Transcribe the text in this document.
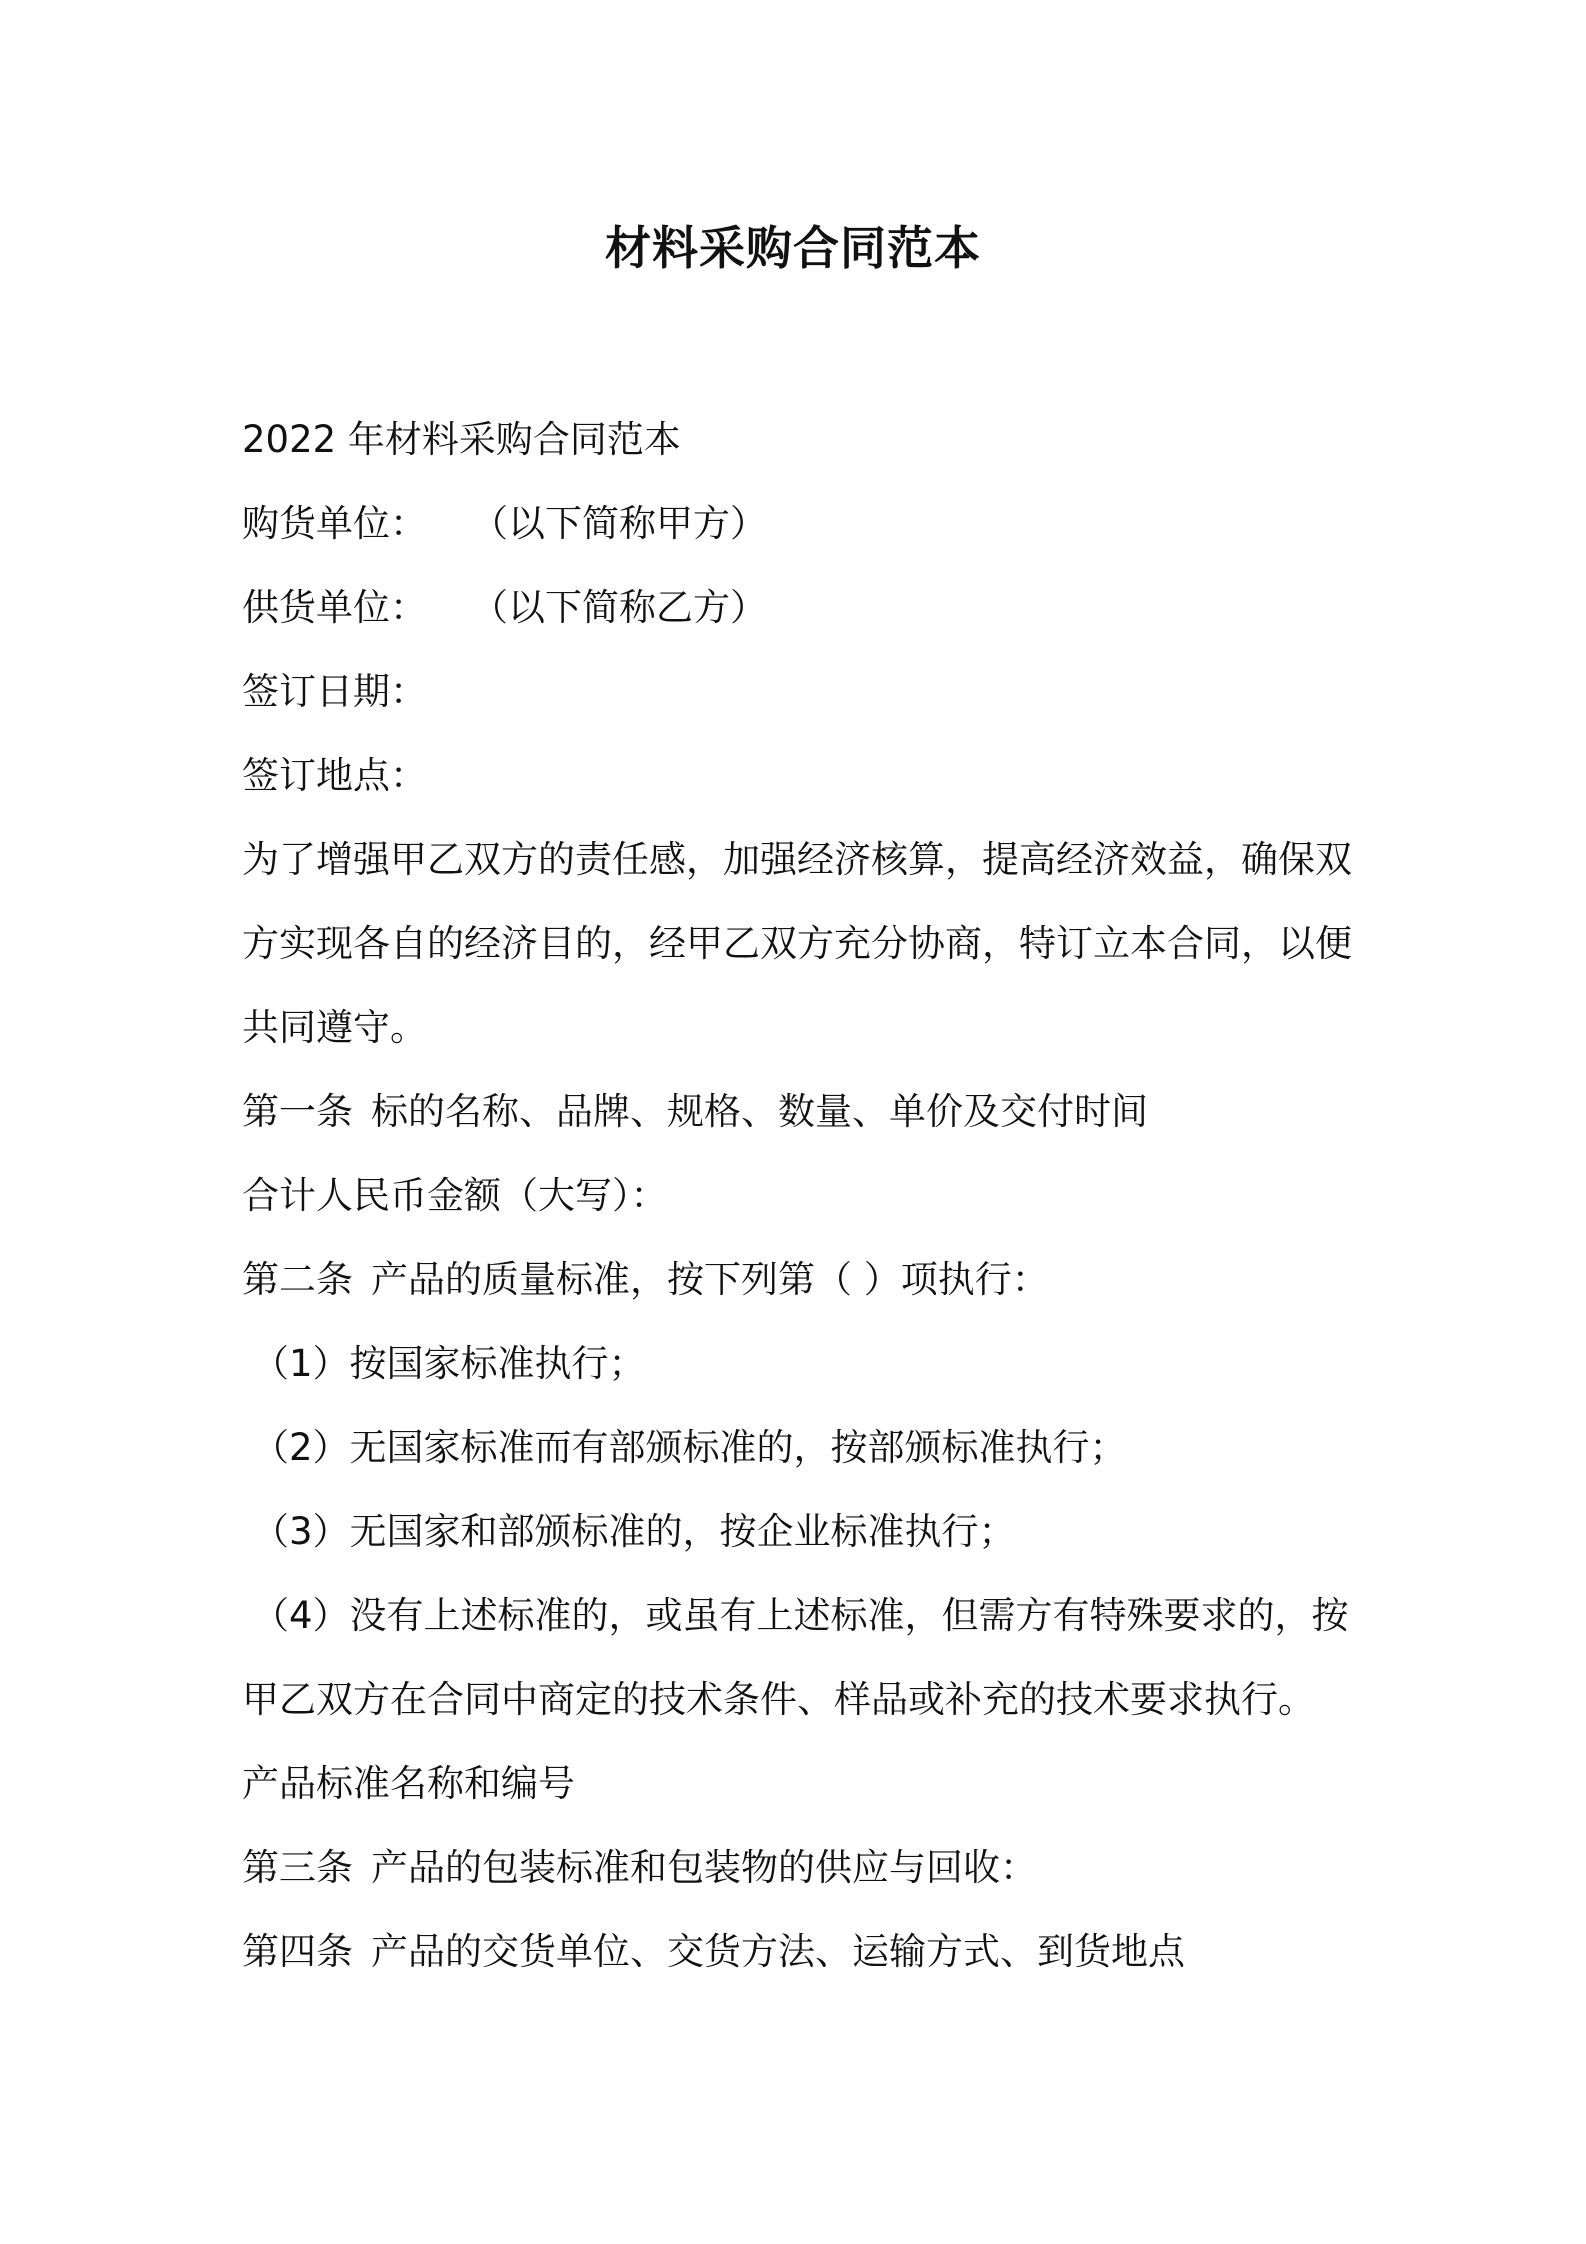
材料采购合同范本

2022 年材料采购合同范本

购货单位： （以下简称甲方）

供货单位： （以下简称乙方）

签订日期：

签订地点：

为了增强甲乙双方的责任感，加强经济核算，提高经济效益，确保双

方实现各自的经济目的，经甲乙双方充分协商，特订立本合同，以便

共同遵守。

第一条 标的名称、品牌、规格、数量、单价及交付时间

合计人民币金额（大写）：

第二条 产品的质量标准，按下列第（ ）项执行：

（1）按国家标准执行；

（2）无国家标准而有部颁标准的，按部颁标准执行；

（3）无国家和部颁标准的，按企业标准执行；

（4）没有上述标准的，或虽有上述标准，但需方有特殊要求的，按

甲乙双方在合同中商定的技术条件、样品或补充的技术要求执行。

产品标准名称和编号

第三条 产品的包装标准和包装物的供应与回收：

第四条 产品的交货单位、交货方法、运输方式、到货地点
